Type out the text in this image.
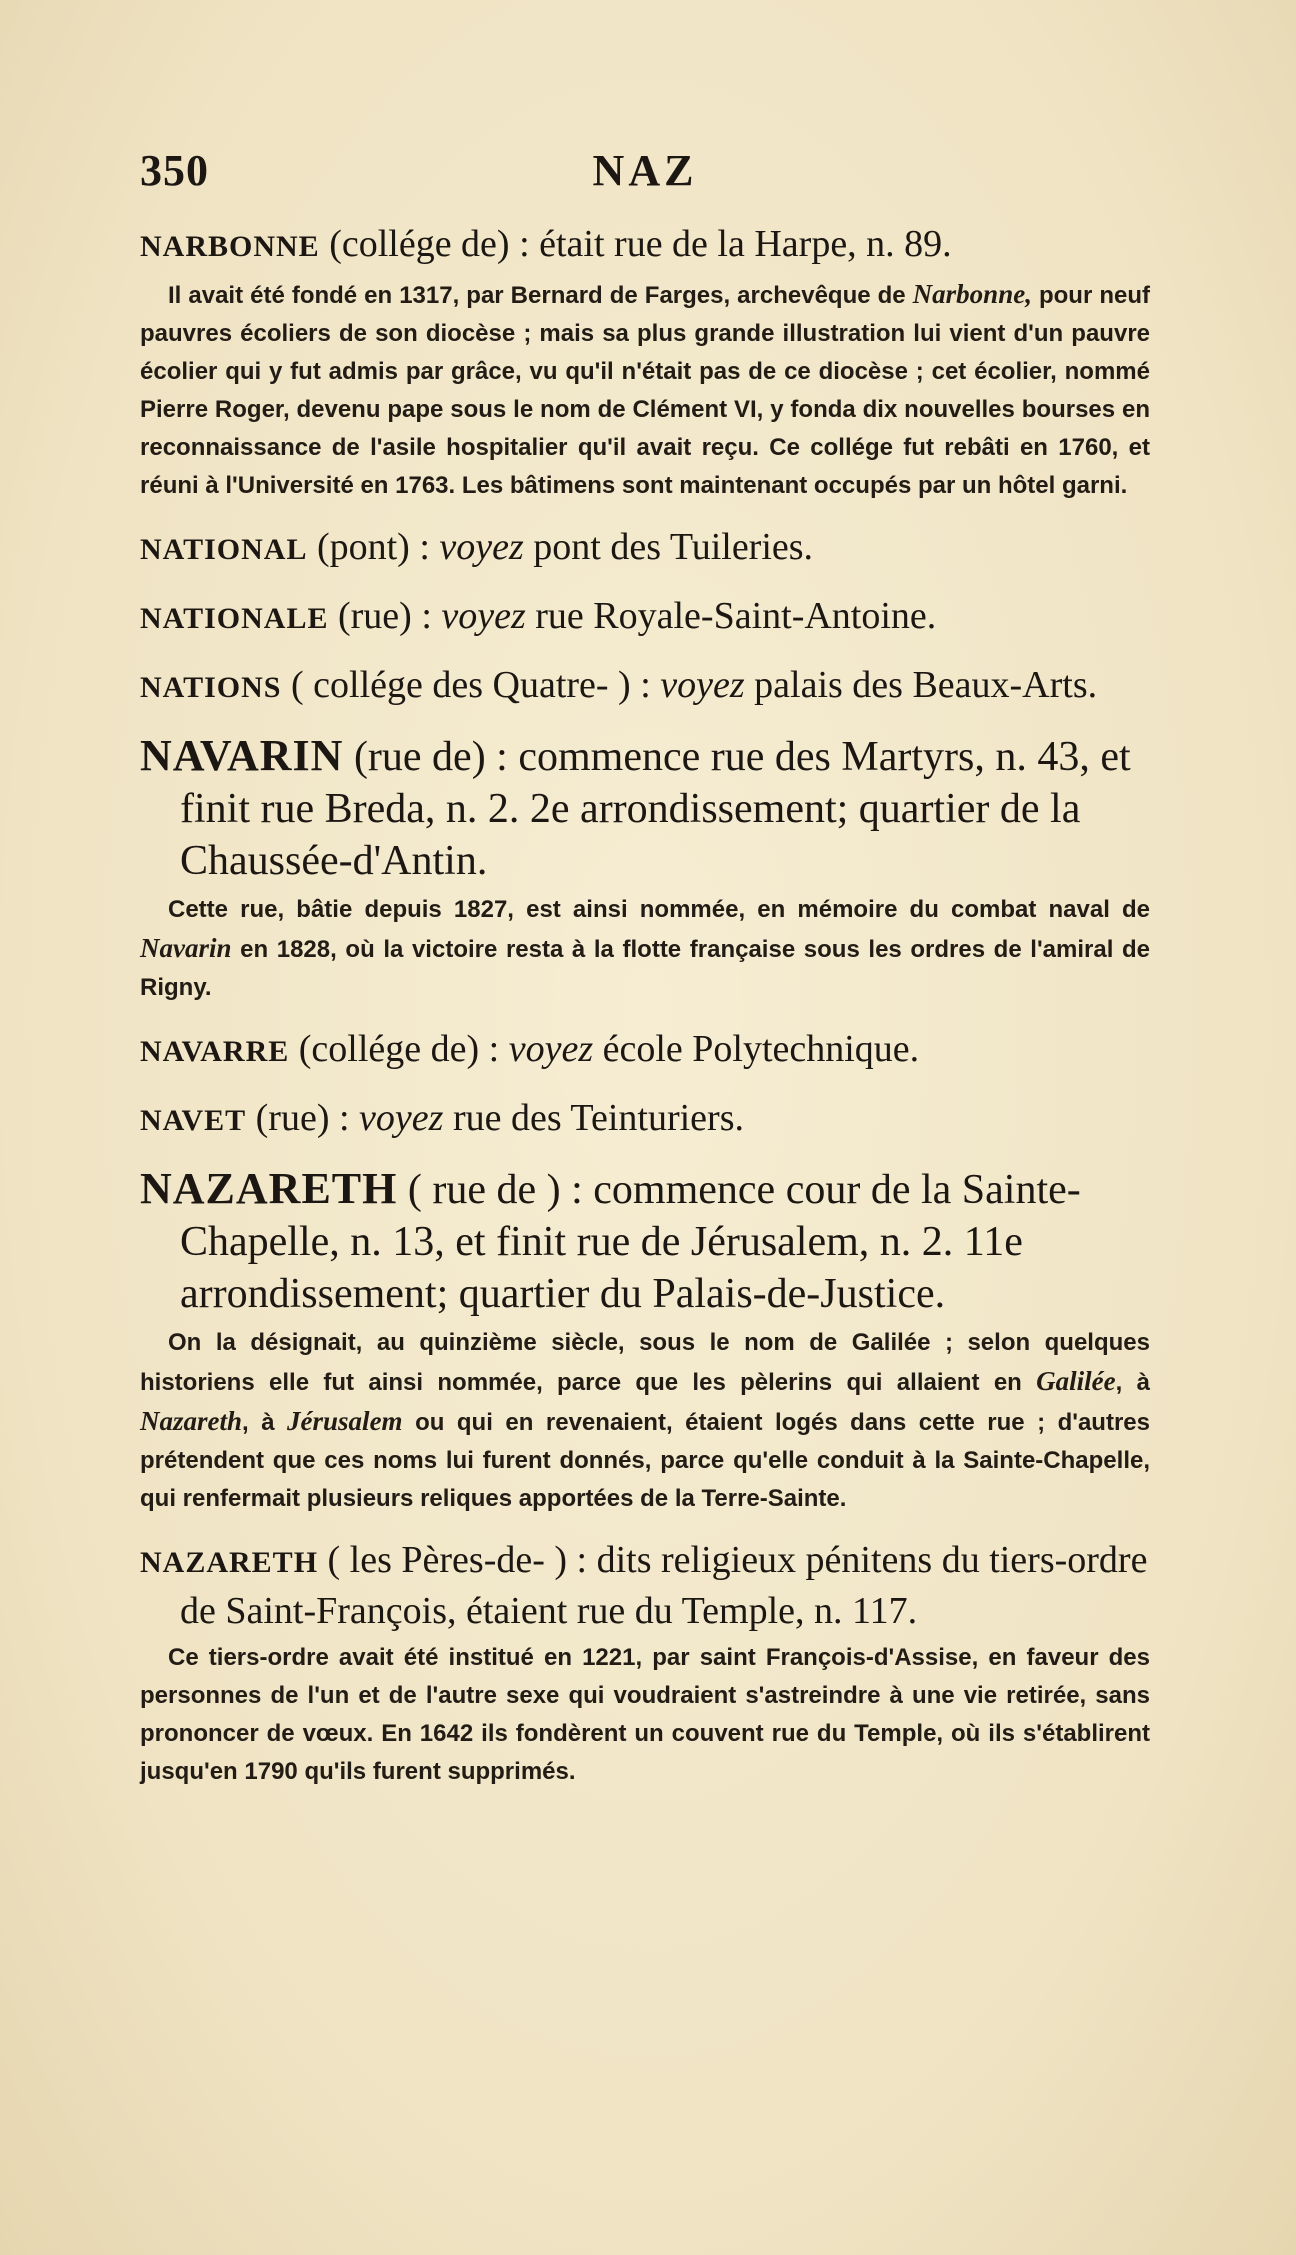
350	NAZ

NARBONNE (collége de) : était rue de la Harpe, n. 89.

Il avait été fondé en 1317, par Bernard de Farges, archevêque de Narbonne, pour neuf pauvres écoliers de son diocèse ; mais sa plus grande illustration lui vient d'un pauvre écolier qui y fut admis par grâce, vu qu'il n'était pas de ce diocèse ; cet écolier, nommé Pierre Roger, devenu pape sous le nom de Clément VI, y fonda dix nouvelles bourses en reconnaissance de l'asile hospitalier qu'il avait reçu. Ce collége fut rebâti en 1760, et réuni à l'Université en 1763. Les bâtimens sont maintenant occupés par un hôtel garni.

NATIONAL (pont) : voyez pont des Tuileries.

NATIONALE (rue) : voyez rue Royale-Saint-Antoine.

NATIONS ( collége des Quatre- ) : voyez palais des Beaux-Arts.

NAVARIN (rue de) : commence rue des Martyrs, n. 43, et finit rue Breda, n. 2. 2e arrondissement; quartier de la Chaussée-d'Antin.

Cette rue, bâtie depuis 1827, est ainsi nommée, en mémoire du combat naval de Navarin en 1828, où la victoire resta à la flotte française sous les ordres de l'amiral de Rigny.

NAVARRE (collége de) : voyez école Polytechnique.

NAVET (rue) : voyez rue des Teinturiers.

NAZARETH ( rue de ) : commence cour de la Sainte-Chapelle, n. 13, et finit rue de Jérusalem, n. 2. 11e arrondissement; quartier du Palais-de-Justice.

On la désignait, au quinzième siècle, sous le nom de Galilée ; selon quelques historiens elle fut ainsi nommée, parce que les pèlerins qui allaient en Galilée, à Nazareth, à Jérusalem ou qui en revenaient, étaient logés dans cette rue ; d'autres prétendent que ces noms lui furent donnés, parce qu'elle conduit à la Sainte-Chapelle, qui renfermait plusieurs reliques apportées de la Terre-Sainte.

NAZARETH ( les Pères-de- ) : dits religieux pénitens du tiers-ordre de Saint-François, étaient rue du Temple, n. 117.

Ce tiers-ordre avait été institué en 1221, par saint François-d'Assise, en faveur des personnes de l'un et de l'autre sexe qui voudraient s'astreindre à une vie retirée, sans prononcer de vœux. En 1642 ils fondèrent un couvent rue du Temple, où ils s'établirent jusqu'en 1790 qu'ils furent supprimés.
